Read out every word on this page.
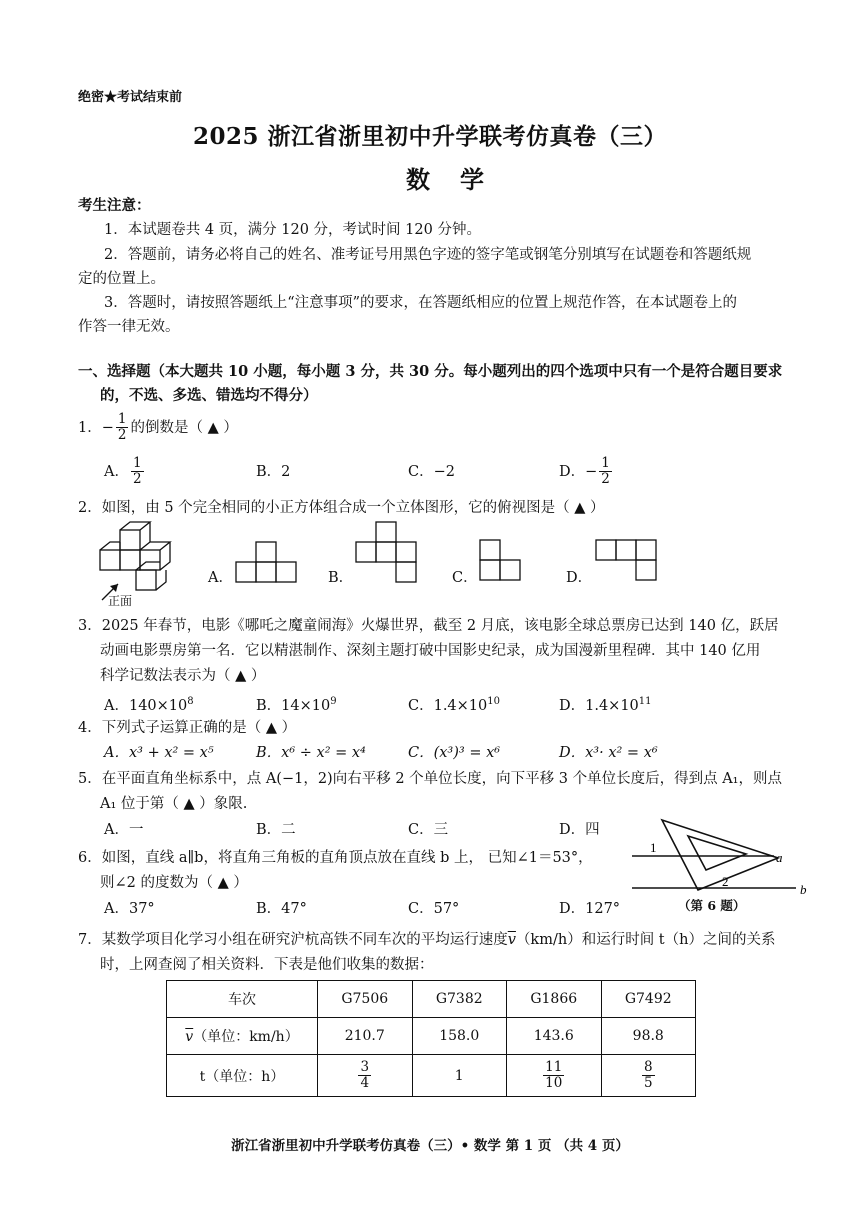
绝密★考试结束前
2025 浙江省浙里初中升学联考仿真卷（三）
数学
考生注意：
1．本试题卷共 4 页，满分 120 分，考试时间 120 分钟。
2．答题前，请务必将自己的姓名、准考证号用黑色字迹的签字笔或钢笔分别填写在试题卷和答题纸规
定的位置上。
3．答题时，请按照答题纸上“注意事项”的要求，在答题纸相应的位置上规范作答，在本试题卷上的
作答一律无效。
一、选择题（本大题共 10 小题，每小题 3 分，共 30 分。每小题列出的四个选项中只有一个是符合题目要求
的，不选、多选、错选均不得分）
1． − $\frac{1}{2}$ 的倒数是（ ▲ ）
A． $\frac{1}{2}$	B．2	C．−2	D．− $\frac{1}{2}$
2．如图，由 5 个完全相同的小正方体组合成一个立体图形，它的俯视图是（ ▲ ）
正面
A．	B．	C．	D．
3．2025 年春节，电影《哪吒之魔童闹海》火爆世界，截至 2 月底，该电影全球总票房已达到 140 亿，跃居
动画电影票房第一名．它以精湛制作、深刻主题打破中国影史纪录，成为国漫新里程碑．其中 140 亿用
科学记数法表示为（ ▲ ）
A．$140\times 10^8$	B．$14\times 10^9$	C．$1.4\times 10^{10}$	D．$1.4\times 10^{11}$
4．下列式子运算正确的是（ ▲ ）
A．x³ + x² = x⁵	B．x⁶ ÷ x² = x⁴	C．(x³)³ = x⁶	D．x³· x² = x⁶
5．在平面直角坐标系中，点 A(−1，2)向右平移 2 个单位长度，向下平移 3 个单位长度后，得到点 A₁，则点
A₁ 位于第（ ▲ ）象限.
A．一	B．二	C．三	D．四
6．如图，直线 a∥b，将直角三角板的直角顶点放在直线 b 上， 已知∠1＝53°，
则∠2 的度数为（ ▲ ）
A．37°	B．47°	C．57°	D．127°
1
2
a
b
（第 6 题）
7．某数学项目化学习小组在研究沪杭高铁不同车次的平均运行速度$\overline{v}(km/h)$和运行时间 t（h）之间的关系
时，上网查阅了相关资料．下表是他们收集的数据：
车次	G7506	G7382	G1866	G7492
$\overline{v}$（单位：km/h）	210.7	158.0	143.6	98.8
t（单位：h）	$\frac{3}{4}$	1	$\frac{11}{10}$	$\frac{8}{5}$
浙江省浙里初中升学联考仿真卷（三）• 数学 第 1 页 （共 4 页）
